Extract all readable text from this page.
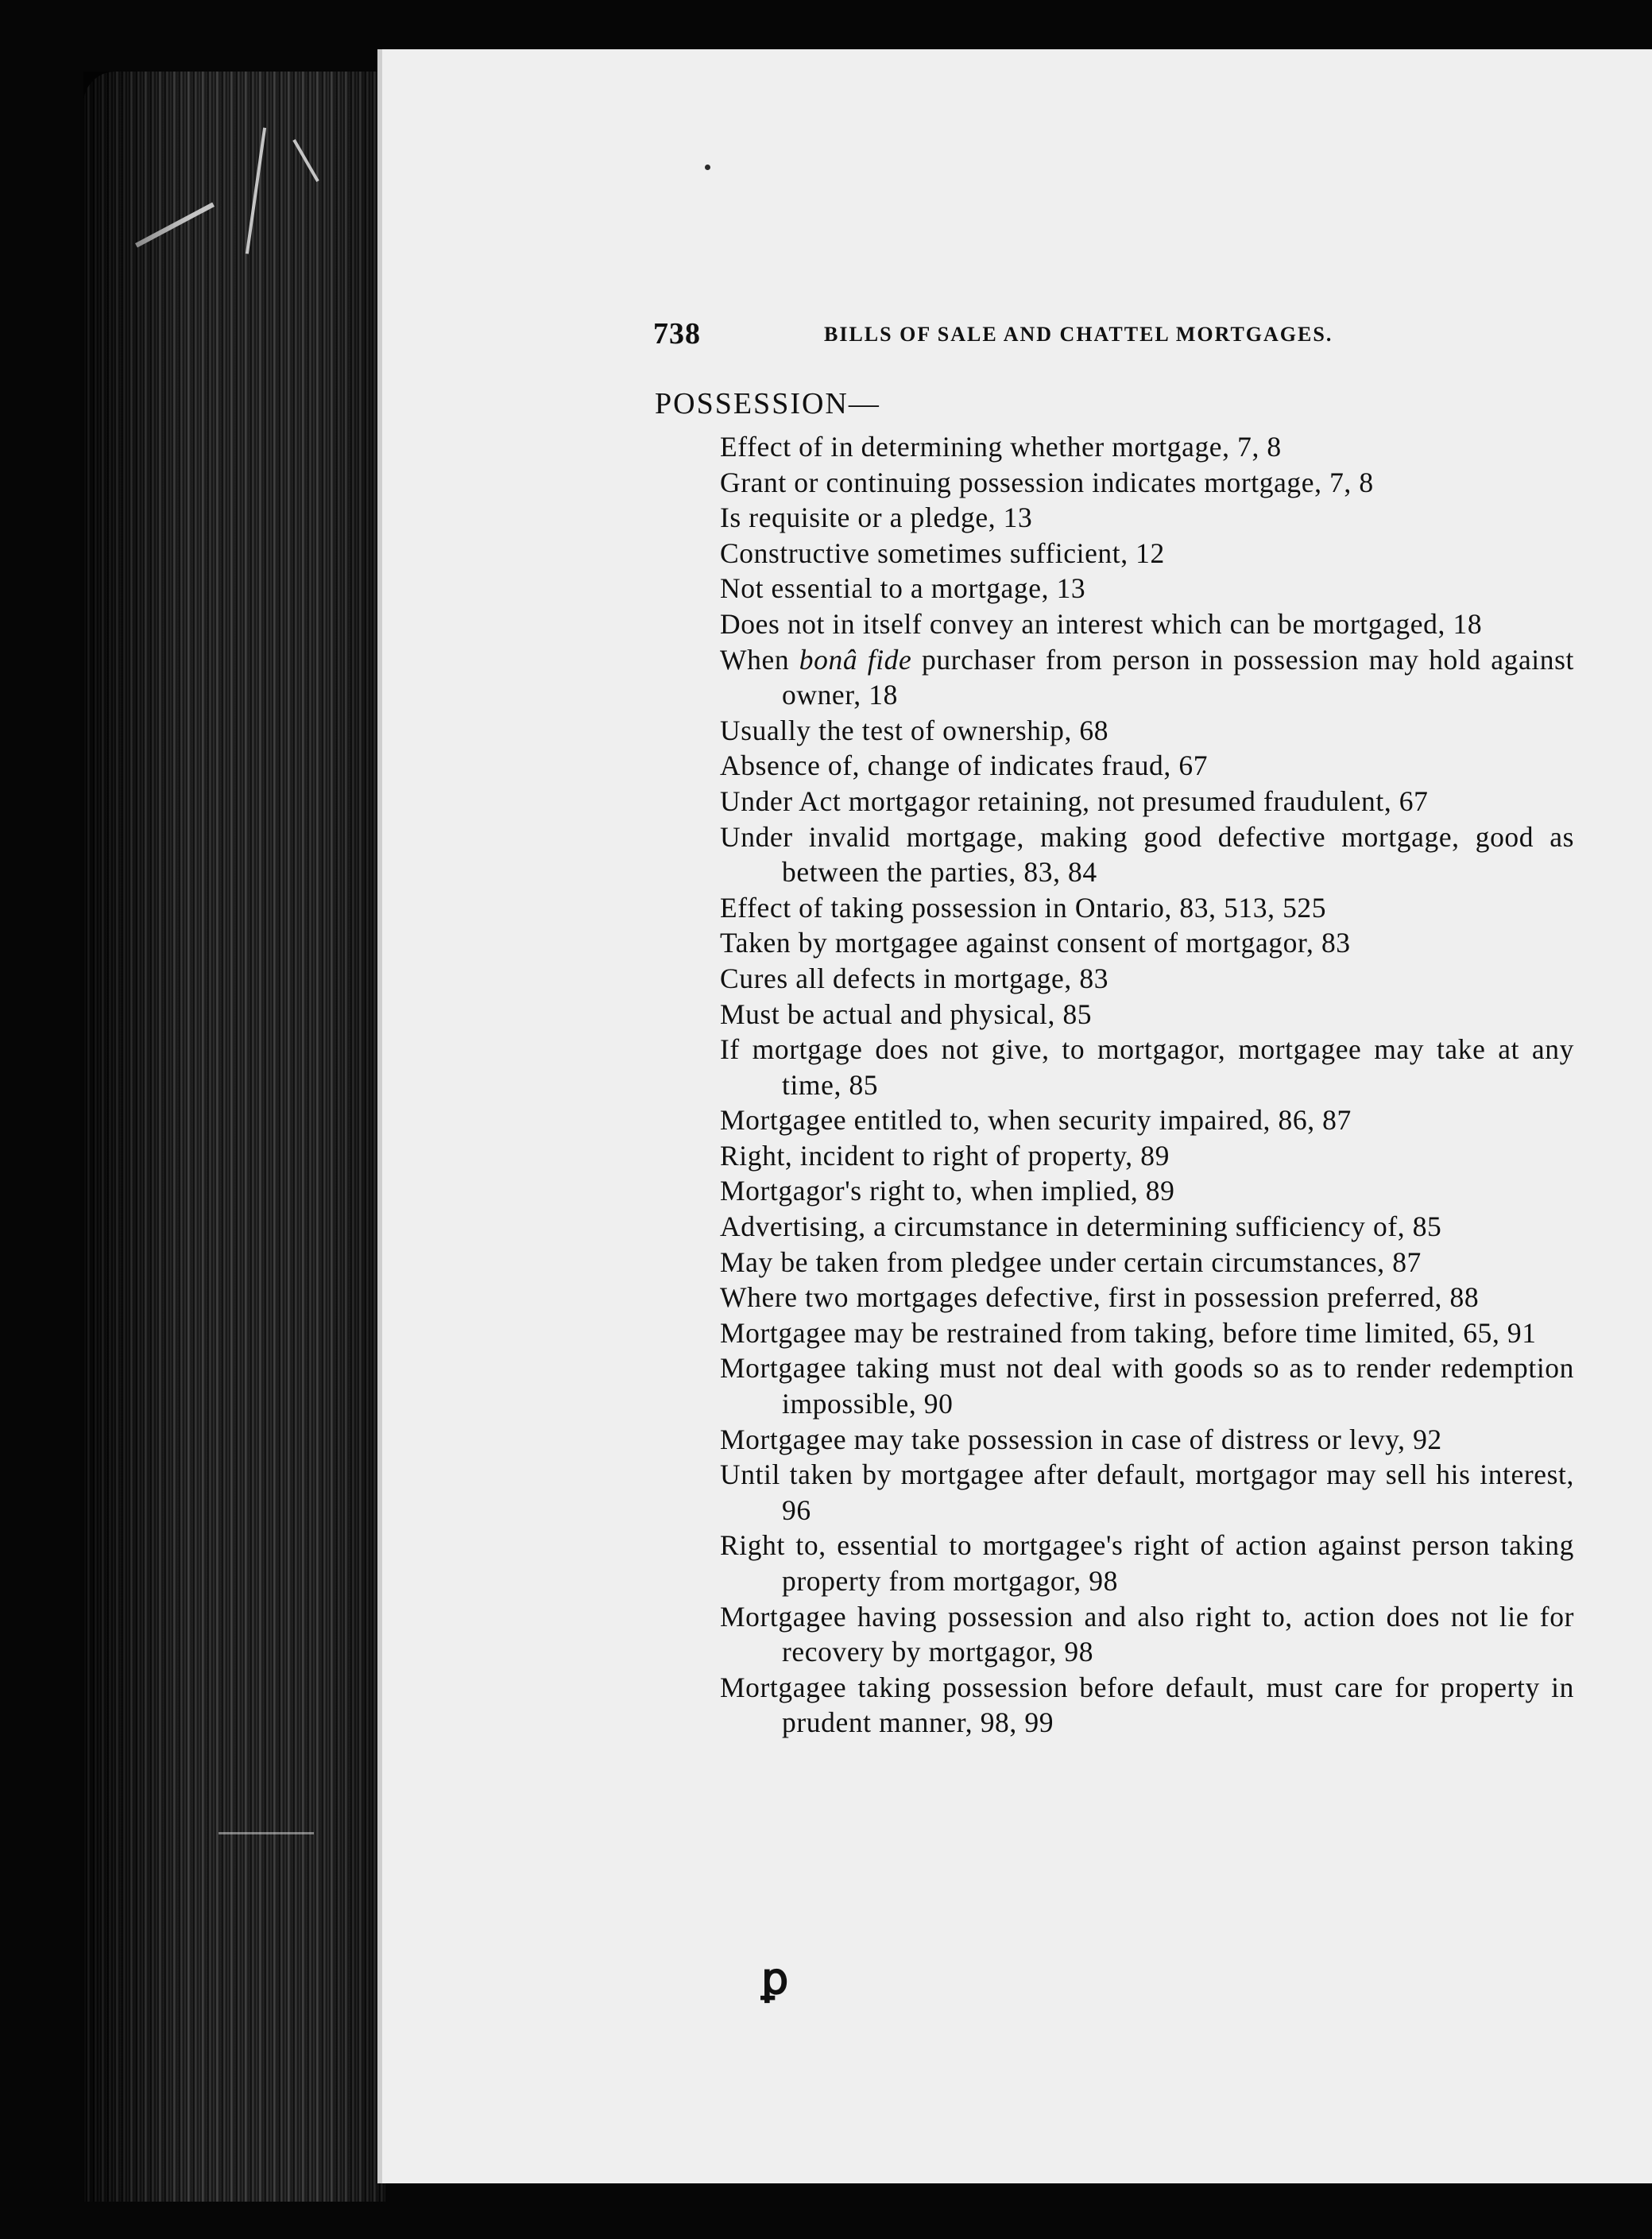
738	BILLS OF SALE AND CHATTEL MORTGAGES.
POSSESSION—
Effect of in determining whether mortgage, 7, 8
Grant or continuing possession indicates mortgage, 7, 8
Is requisite or a pledge, 13
Constructive sometimes sufficient, 12
Not essential to a mortgage, 13
Does not in itself convey an interest which can be mortgaged, 18
When bonâ fide purchaser from person in possession may hold against owner, 18
Usually the test of ownership, 68
Absence of, change of indicates fraud, 67
Under Act mortgagor retaining, not presumed fraudulent, 67
Under invalid mortgage, making good defective mortgage, good as between the parties, 83, 84
Effect of taking possession in Ontario, 83, 513, 525
Taken by mortgagee against consent of mortgagor, 83
Cures all defects in mortgage, 83
Must be actual and physical, 85
If mortgage does not give, to mortgagor, mortgagee may take at any time, 85
Mortgagee entitled to, when security impaired, 86, 87
Right, incident to right of property, 89
Mortgagor's right to, when implied, 89
Advertising, a circumstance in determining sufficiency of, 85
May be taken from pledgee under certain circumstances, 87
Where two mortgages defective, first in possession preferred, 88
Mortgagee may be restrained from taking, before time limited, 65, 91
Mortgagee taking must not deal with goods so as to render redemption impossible, 90
Mortgagee may take possession in case of distress or levy, 92
Until taken by mortgagee after default, mortgagor may sell his interest, 96
Right to, essential to mortgagee's right of action against person taking property from mortgagor, 98
Mortgagee having possession and also right to, action does not lie for recovery by mortgagor, 98
Mortgagee taking possession before default, must care for property in prudent manner, 98, 99
ꝑ
